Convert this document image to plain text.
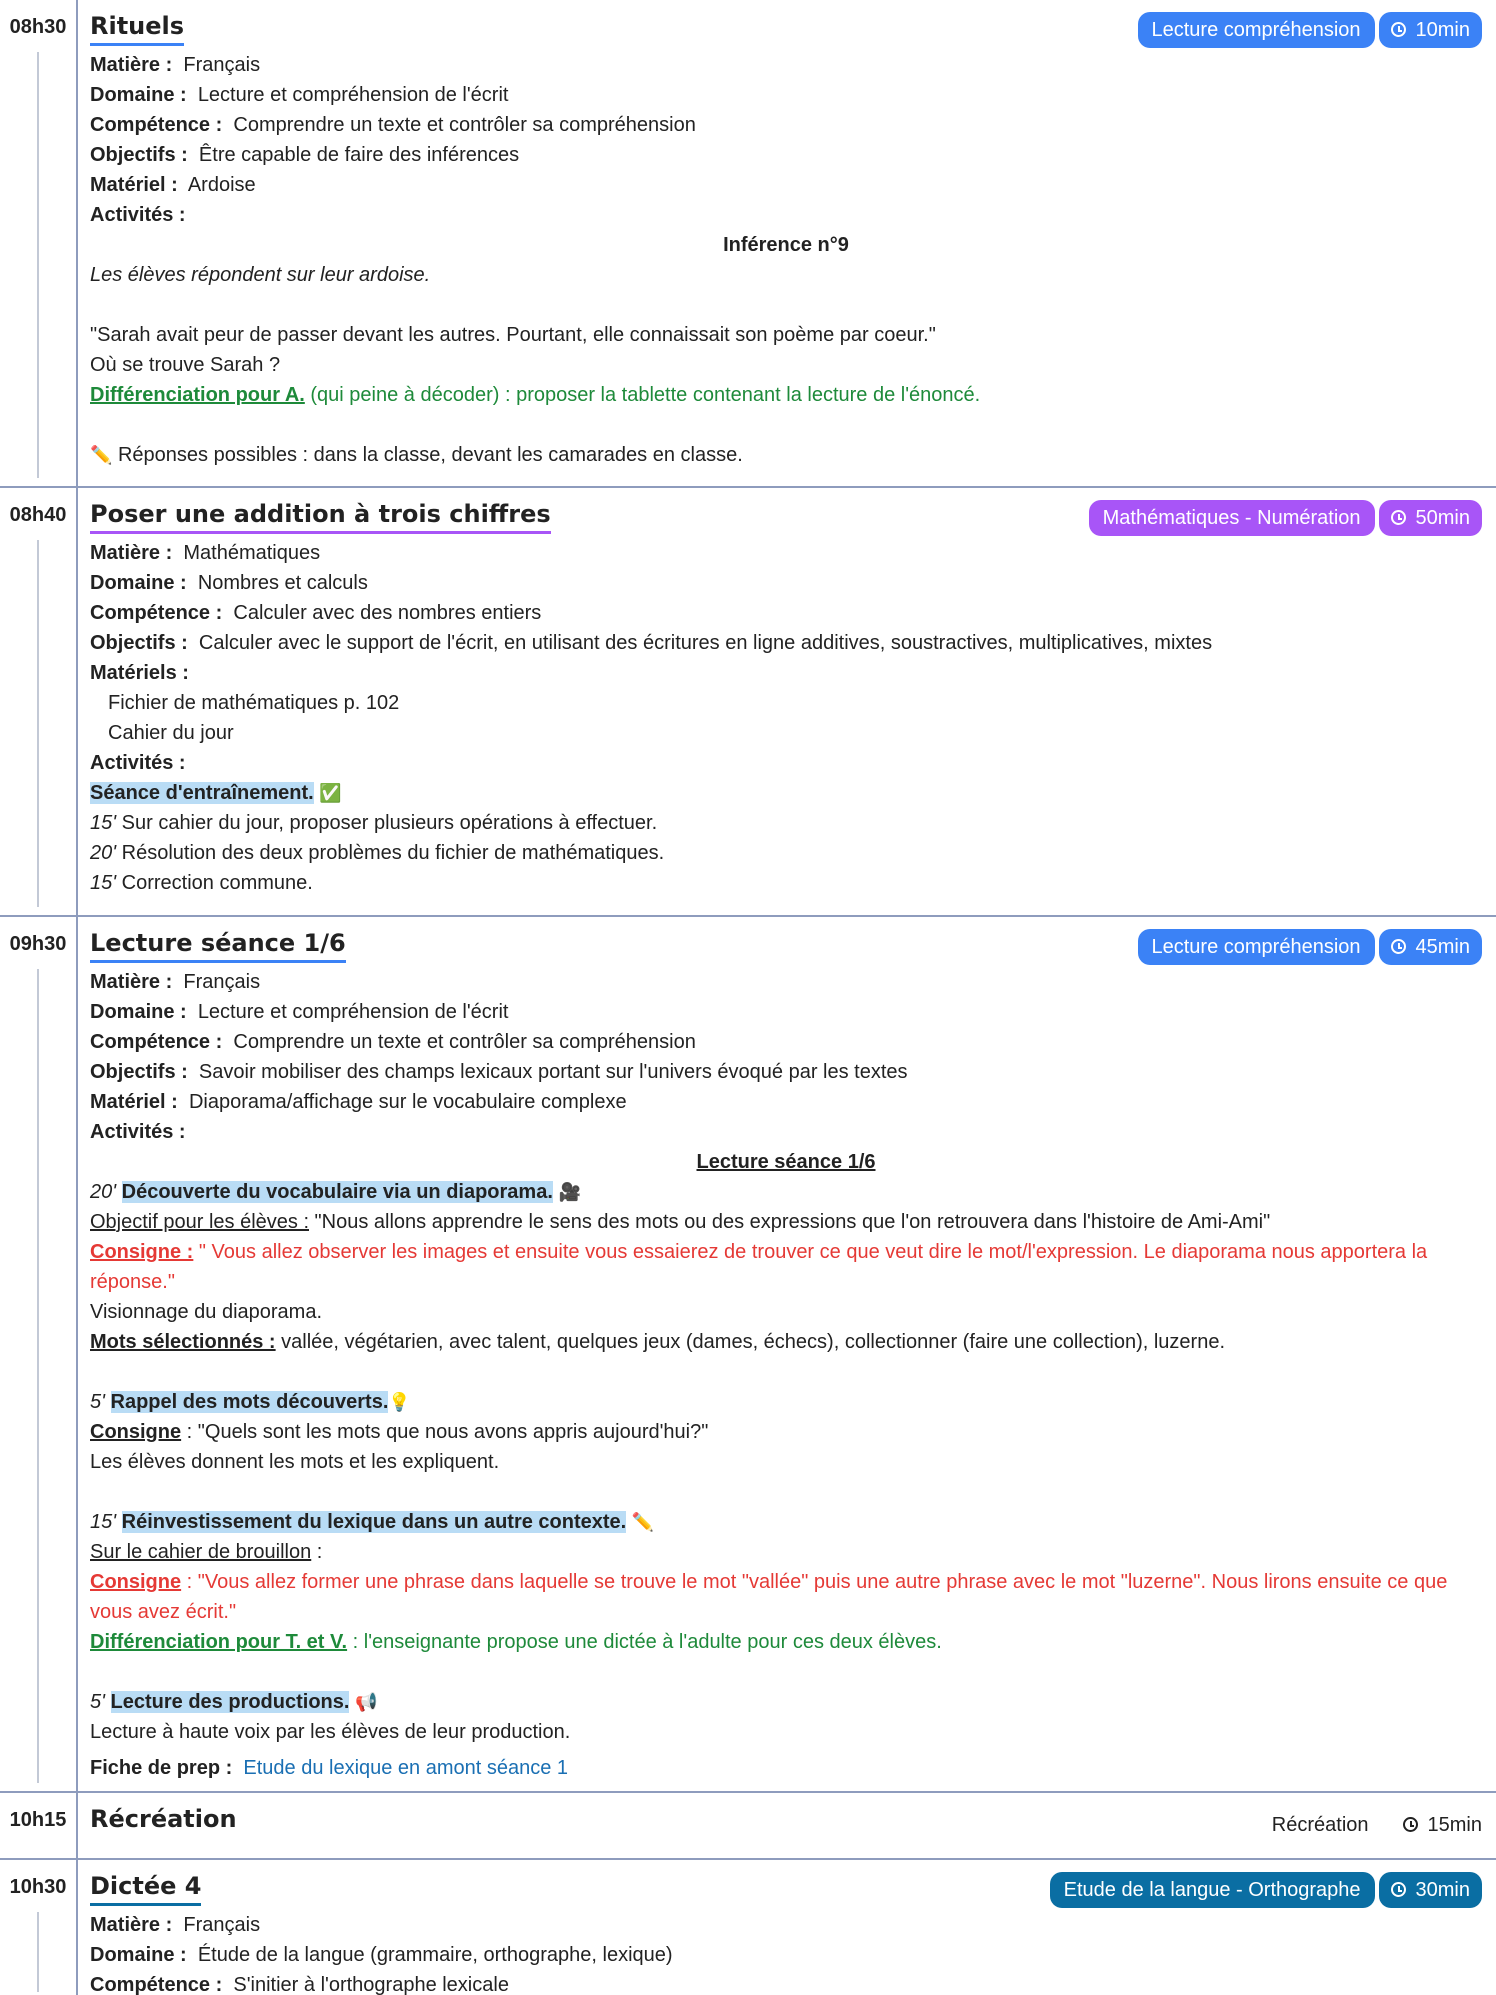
08h30 Rituels	Lecture compréhension	10min
Matière : Français
Domaine : Lecture et compréhension de l'écrit
Compétence : Comprendre un texte et contrôler sa compréhension
Objectifs : Être capable de faire des inférences
Matériel : Ardoise
Activités :
Inférence n°9
Les élèves répondent sur leur ardoise.
"Sarah avait peur de passer devant les autres. Pourtant, elle connaissait son poème par coeur."
Où se trouve Sarah ?
Différenciation pour A. (qui peine à décoder) : proposer la tablette contenant la lecture de l'énoncé.
✏️ Réponses possibles : dans la classe, devant les camarades en classe.
08h40 Poser une addition à trois chiffres	Mathématiques - Numération	50min
Matière : Mathématiques
Domaine : Nombres et calculs
Compétence : Calculer avec des nombres entiers
Objectifs : Calculer avec le support de l'écrit, en utilisant des écritures en ligne additives, soustractives, multiplicatives, mixtes
Matériels :
Fichier de mathématiques p. 102
Cahier du jour
Activités :
Séance d'entraînement. ✅
15' Sur cahier du jour, proposer plusieurs opérations à effectuer.
20' Résolution des deux problèmes du fichier de mathématiques.
15' Correction commune.
09h30 Lecture séance 1/6	Lecture compréhension	45min
Matière : Français
Domaine : Lecture et compréhension de l'écrit
Compétence : Comprendre un texte et contrôler sa compréhension
Objectifs : Savoir mobiliser des champs lexicaux portant sur l'univers évoqué par les textes
Matériel : Diaporama/affichage sur le vocabulaire complexe
Activités :
Lecture séance 1/6
20' Découverte du vocabulaire via un diaporama. 🎥
Objectif pour les élèves : "Nous allons apprendre le sens des mots ou des expressions que l'on retrouvera dans l'histoire de Ami-Ami"
Consigne : " Vous allez observer les images et ensuite vous essaierez de trouver ce que veut dire le mot/l'expression. Le diaporama nous apportera la réponse."
Visionnage du diaporama.
Mots sélectionnés : vallée, végétarien, avec talent, quelques jeux (dames, échecs), collectionner (faire une collection), luzerne.
5' Rappel des mots découverts.💡
Consigne : "Quels sont les mots que nous avons appris aujourd'hui?"
Les élèves donnent les mots et les expliquent.
15' Réinvestissement du lexique dans un autre contexte. ✏️
Sur le cahier de brouillon :
Consigne : "Vous allez former une phrase dans laquelle se trouve le mot "vallée" puis une autre phrase avec le mot "luzerne". Nous lirons ensuite ce que vous avez écrit."
Différenciation pour T. et V. : l'enseignante propose une dictée à l'adulte pour ces deux élèves.
5' Lecture des productions. 📢
Lecture à haute voix par les élèves de leur production.
Fiche de prep : Etude du lexique en amont séance 1
10h15 Récréation	Récréation	15min
10h30 Dictée 4	Etude de la langue - Orthographe	30min
Matière : Français
Domaine : Étude de la langue (grammaire, orthographe, lexique)
Compétence : S'initier à l'orthographe lexicale
